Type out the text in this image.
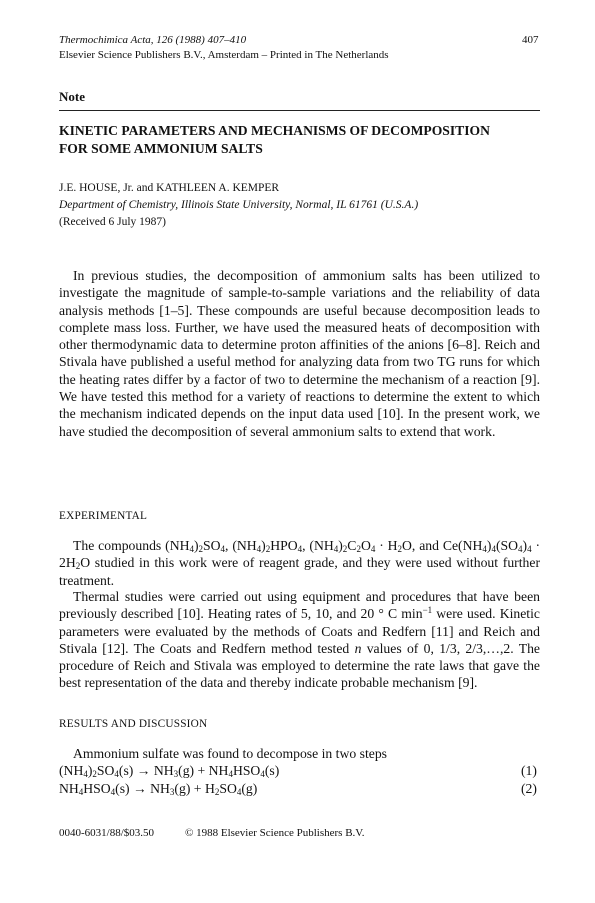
Thermochimica Acta, 126 (1988) 407–410	407
Elsevier Science Publishers B.V., Amsterdam – Printed in The Netherlands
Note
KINETIC PARAMETERS AND MECHANISMS OF DECOMPOSITION
FOR SOME AMMONIUM SALTS
J.E. HOUSE, Jr. and KATHLEEN A. KEMPER
Department of Chemistry, Illinois State University, Normal, IL 61761 (U.S.A.)
(Received 6 July 1987)

In previous studies, the decomposition of ammonium salts has been utilized to investigate the magnitude of sample-to-sample variations and the reliability of data analysis methods [1–5]. These compounds are useful because decomposition leads to complete mass loss. Further, we have used the measured heats of decomposition with other thermodynamic data to determine proton affinities of the anions [6–8]. Reich and Stivala have published a useful method for analyzing data from two TG runs for which the heating rates differ by a factor of two to determine the mechanism of a reaction [9]. We have tested this method for a variety of reactions to determine the extent to which the mechanism indicated depends on the input data used [10]. In the present work, we have studied the decomposition of several ammonium salts to extend that work.

EXPERIMENTAL

The compounds $(NH_4)_2SO_4$, $(NH_4)_2HPO_4$, $(NH_4)_2C_2O_4 \cdot H_2O$, and $Ce(NH_4)_4(SO_4)_4 \cdot 2H_2O$ studied in this work were of reagent grade, and they were used without further treatment.

Thermal studies were carried out using equipment and procedures that have been previously described [10]. Heating rates of 5, 10, and 20 ° C $\min^{-1}$ were used. Kinetic parameters were evaluated by the methods of Coats and Redfern [11] and Reich and Stivala [12]. The Coats and Redfern method tested n values of 0, 1/3, 2/3,…,2. The procedure of Reich and Stivala was employed to determine the rate laws that gave the best representation of the data and thereby indicate probable mechanism [9].

RESULTS AND DISCUSSION

Ammonium sulfate was found to decompose in two steps

$(NH_4)_2SO_4(s) \to NH_3(g) + NH_4HSO_4(s)$	(1)
$NH_4HSO_4(s) \to NH_3(g) + H_2SO_4(g)$	(2)
0040-6031/88/$03.50	© 1988 Elsevier Science Publishers B.V.
